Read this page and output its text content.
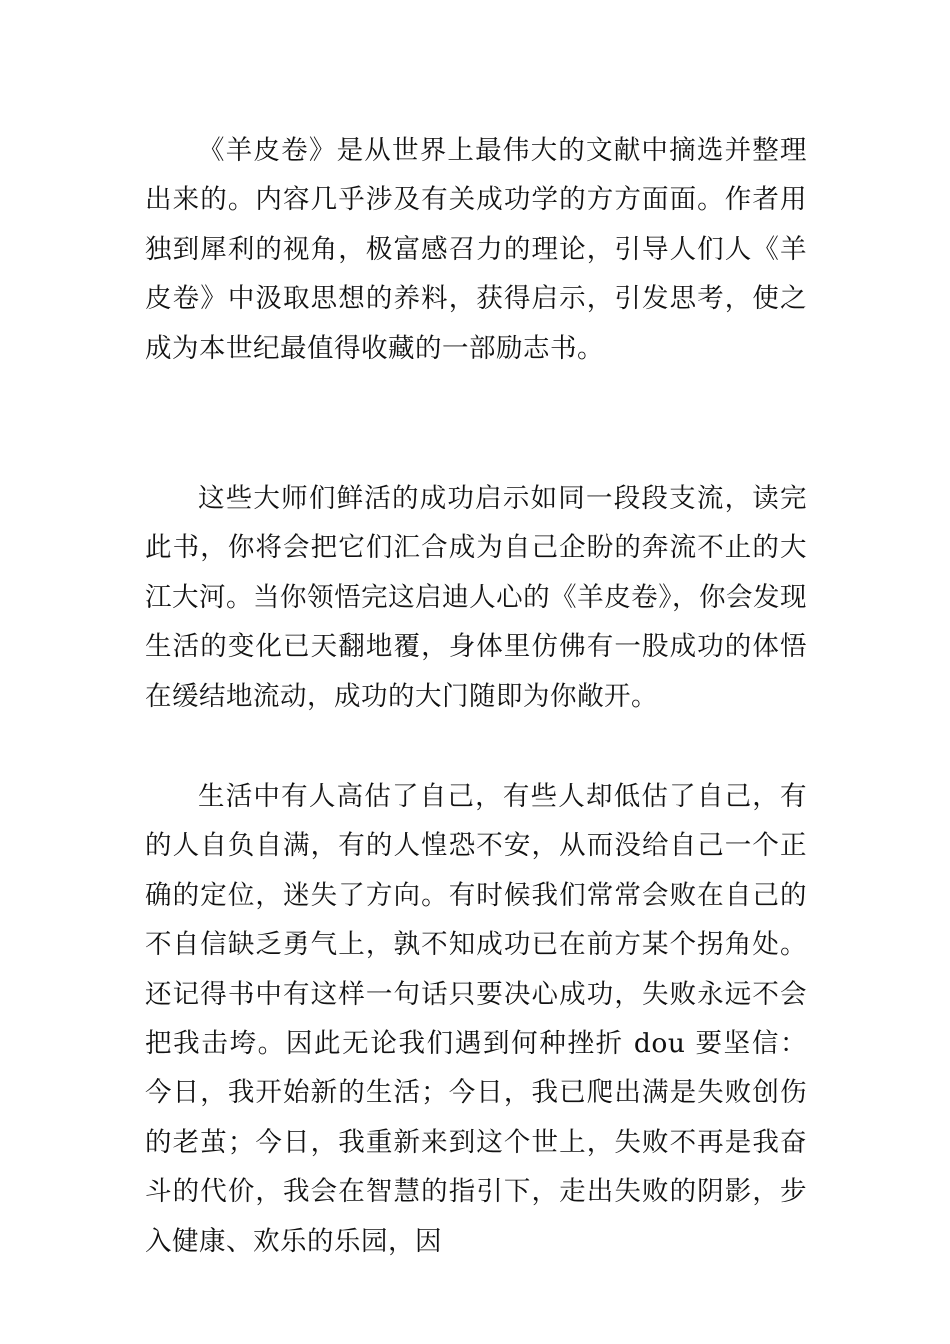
《羊皮卷》是从世界上最伟大的文献中摘选并整理出来的。内容几乎涉及有关成功学的方方面面。作者用独到犀利的视角，极富感召力的理论，引导人们人《羊皮卷》中汲取思想的养料，获得启示，引发思考，使之成为本世纪最值得收藏的一部励志书。

这些大师们鲜活的成功启示如同一段段支流，读完此书，你将会把它们汇合成为自己企盼的奔流不止的大江大河。当你领悟完这启迪人心的《羊皮卷》，你会发现生活的变化已天翻地覆，身体里仿佛有一股成功的体悟在缓结地流动，成功的大门随即为你敞开。

生活中有人高估了自己，有些人却低估了自己，有的人自负自满，有的人惶恐不安，从而没给自己一个正确的定位，迷失了方向。有时候我们常常会败在自己的不自信缺乏勇气上，孰不知成功已在前方某个拐角处。还记得书中有这样一句话只要决心成功，失败永远不会把我击垮。因此无论我们遇到何种挫折 dou 要坚信：今日，我开始新的生活；今日，我已爬出满是失败创伤的老茧；今日，我重新来到这个世上，失败不再是我奋斗的代价，我会在智慧的指引下，走出失败的阴影，步入健康、欢乐的乐园，因
